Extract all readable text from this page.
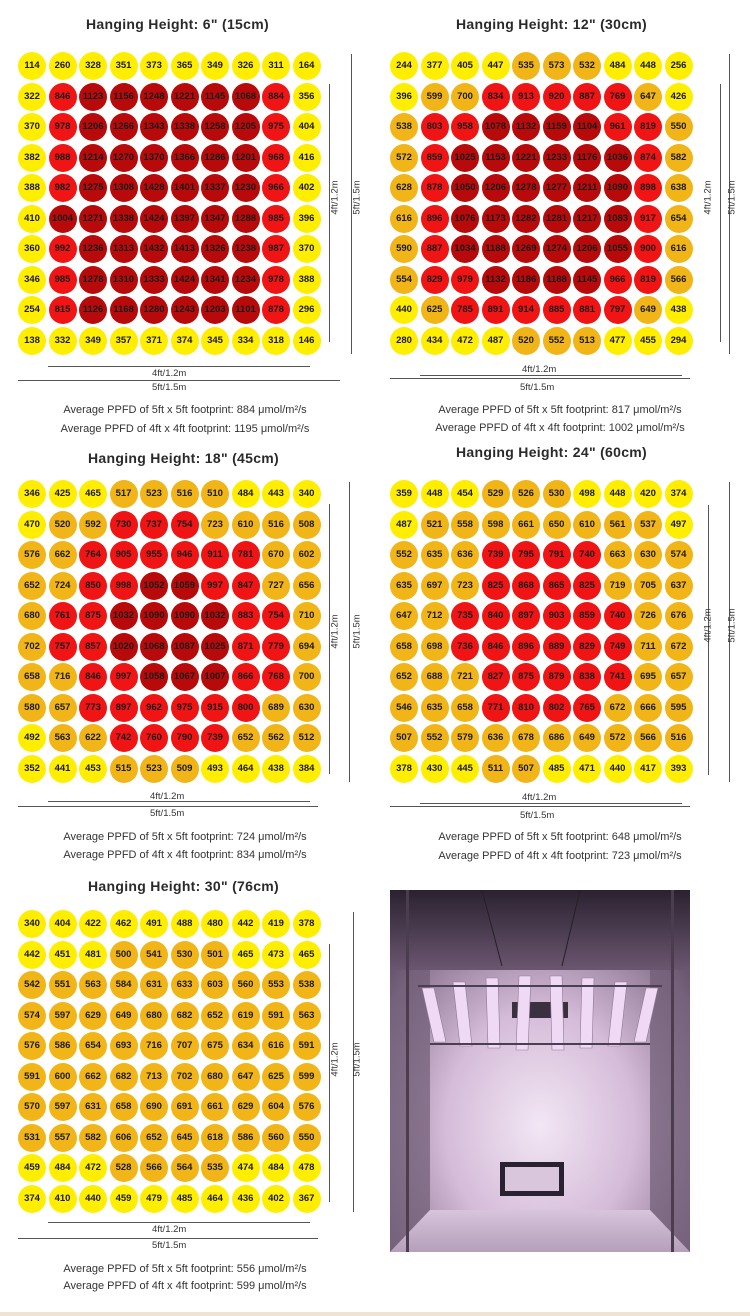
Hanging Height: 6" (15cm)
114	260	328	351	373	365	349	326	311	164
322	846	1123	1156	1248 1221	1145	1068	884	356
370	978	1206 1266 1343 1338 1258 1205	975	404
382	988	1214 1270 1370 1366 1286 1201	968	416
388	982	1275 1308 1428 1401 1337 1230	966	402
410	1004 1271 1338 1424 1397 1347 1288	985	396
360	992	1236 1313 1432 1413 1326 1238	987	370
346	985	1278 1310 1333 1424 1341 1234	978	388
254	815	1126	1168	1280 1243 1203	1101	878	296
138	332	349	357	371	374	345	334	318	146
4ft/1.2m 5ft/1.5m
4ft/1.2m
5ft/1.5m
Average PPFD of 5ft x 5ft footprint: 884 μmol/m²/s
Average PPFD of 4ft x 4ft footprint: 1195 μmol/m²/s
Hanging Height: 12" (30cm)
244	377	405	447	535	573	532	484	448	256
396	599	700	834	913	920	887	769	647	426
538	803	958	1078	1132	1159	1104	961	819	550
572	859	1025	1153	1221 1233	1176	1036	874	582
628	878	1050 1206 1278 1277	1211	1090	898	638
616	896	1076	1173	1282 1281 1217 1083	917	654
590	887	1034	1188	1269 1274 1206 1055	900	616
554	829	979	1132	1186	1188	1145	966	819	566
440	625	785	891	914	885	881	797	649	438
280	434	472	487	520	552	513	477	455	294
4ft/1.2m 5ft/1.5m
4ft/1.2m
5ft/1.5m
Average PPFD of 5ft x 5ft footprint: 817 μmol/m²/s
Average PPFD of 4ft x 4ft footprint: 1002 μmol/m²/s
Hanging Height: 18" (45cm)
346	425	465	517	523	516	510	484	443	340
470	520	592	730	737	754	723	610	516	508
576	662	764	905	955	946	911	781	670	602
652	724	850	998	1052 1059	997	847	727	656
680	761	875	1032 1090 1090 1032	883	754	710
702	757	857	1020 1068 1087 1025	871	779	694
658	716	846	997	1058 1067 1007	866	768	700
580	657	773	897	962	975	915	800	689	630
492	563	622	742	760	790	739	652	562	512
352	441	453	515	523	509	493	464	438	384
4ft/1.2m 5ft/1.5m
4ft/1.2m
5ft/1.5m
Average PPFD of 5ft x 5ft footprint: 724 μmol/m²/s
Average PPFD of 4ft x 4ft footprint: 834 μmol/m²/s
Hanging Height: 24" (60cm)
359	448	454	529	526	530	498	448	420	374
487	521	558	598	661	650	610	561	537	497
552	635	636	739	795	791	740	663	630	574
635	697	723	825	868	865	825	719	705	637
647	712	735	840	897	903	859	740	726	676
658	698	736	846	896	889	829	749	711	672
652	688	721	827	875	879	838	741	695	657
546	635	658	771	810	802	765	672	666	595
507	552	579	636	678	686	649	572	566	516
378	430	445	511	507	485	471	440	417	393
4ft/1.2m 5ft/1.5m
4ft/1.2m
5ft/1.5m
Average PPFD of 5ft x 5ft footprint: 648 μmol/m²/s
Average PPFD of 4ft x 4ft footprint: 723 μmol/m²/s
Hanging Height: 30" (76cm)
340	404	422	462	491	488	480	442	419	378
442	451	481	500	541	530	501	465	473	465
542	551	563	584	631	633	603	560	553	538
574	597	629	649	680	682	652	619	591	563
576	586	654	693	716	707	675	634	616	591
591	600	662	682	713	702	680	647	625	599
570	597	631	658	690	691	661	629	604	576
531	557	582	606	652	645	618	586	560	550
459	484	472	528	566	564	535	474	484	478
374	410	440	459	479	485	464	436	402	367
4ft/1.2m 5ft/1.5m
4ft/1.2m
5ft/1.5m
Average PPFD of 5ft x 5ft footprint: 556 μmol/m²/s
Average PPFD of 4ft x 4ft footprint: 599 μmol/m²/s
